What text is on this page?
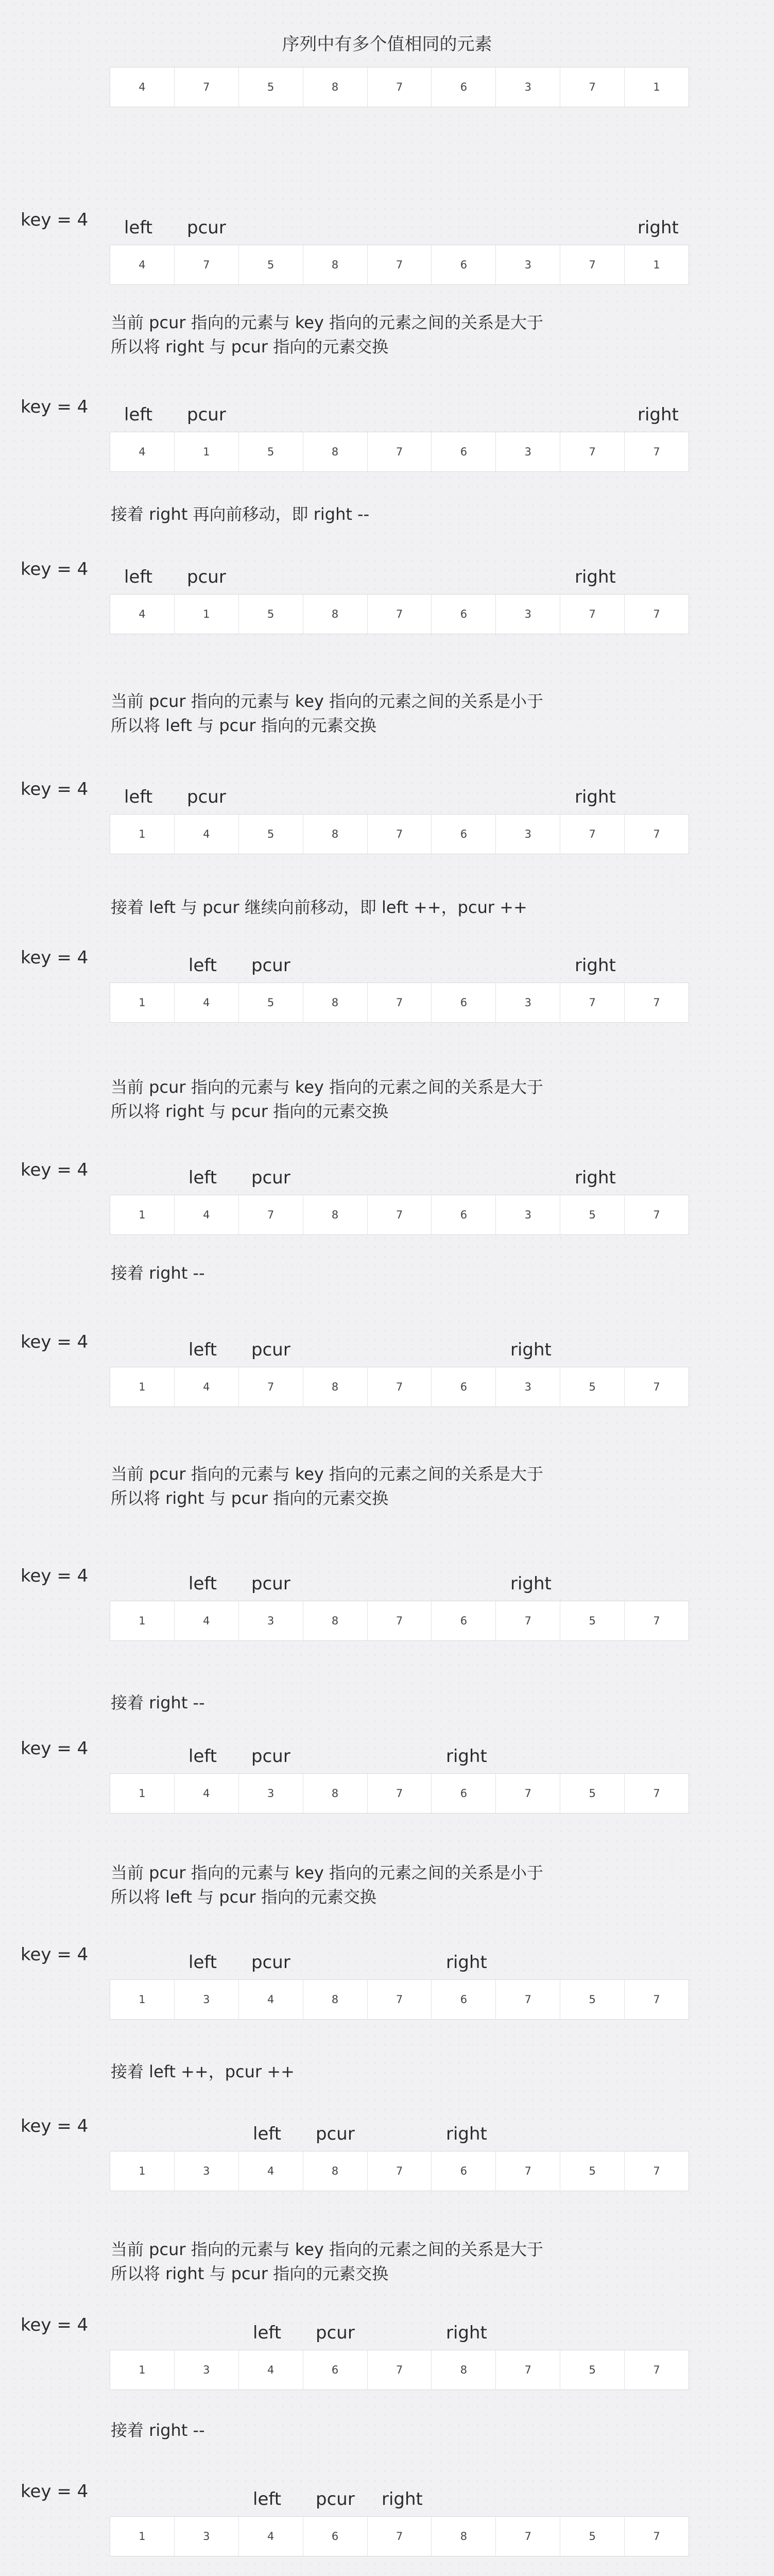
序列中有多个值相同的元素
4	7	5	8	7	6	3	7	1
4	7	5	8	7	6	3	7	1
key = 4 left pcur	right
当前 pcur 指向的元素与 key 指向的元素之间的关系是大于
所以将 right 与 pcur 指向的元素交换
4	1	5	8	7	6	3	7	7
key = 4 left pcur	right
接着 right 再向前移动，即 right --
4	1	5	8	7	6	3	7	7
key = 4 left pcur	right
当前 pcur 指向的元素与 key 指向的元素之间的关系是小于
所以将 left 与 pcur 指向的元素交换
1	4	5	8	7	6	3	7	7
key = 4 left pcur	right
接着 left 与 pcur 继续向前移动，即 left ++，pcur ++
1	4	5	8	7	6	3	7	7
key = 4	left pcur	right
当前 pcur 指向的元素与 key 指向的元素之间的关系是大于
所以将 right 与 pcur 指向的元素交换
1	4	7	8	7	6	3	5	7
key = 4	left pcur	right
接着 right --
1	4	7	8	7	6	3	5	7
key = 4	left pcur	right
当前 pcur 指向的元素与 key 指向的元素之间的关系是大于
所以将 right 与 pcur 指向的元素交换
1	4	3	8	7	6	7	5	7
key = 4	left pcur	right
接着 right --
1	4	3	8	7	6	7	5	7
key = 4	left pcur	right
当前 pcur 指向的元素与 key 指向的元素之间的关系是小于
所以将 left 与 pcur 指向的元素交换
1	3	4	8	7	6	7	5	7
key = 4	left pcur	right
接着 left ++，pcur ++
1	3	4	8	7	6	7	5	7
key = 4	left pcur	right
当前 pcur 指向的元素与 key 指向的元素之间的关系是大于
所以将 right 与 pcur 指向的元素交换
1	3	4	6	7	8	7	5	7
key = 4	left pcur	right
接着 right --
1	3	4	6	7	8	7	5	7
key = 4	left pcur right
